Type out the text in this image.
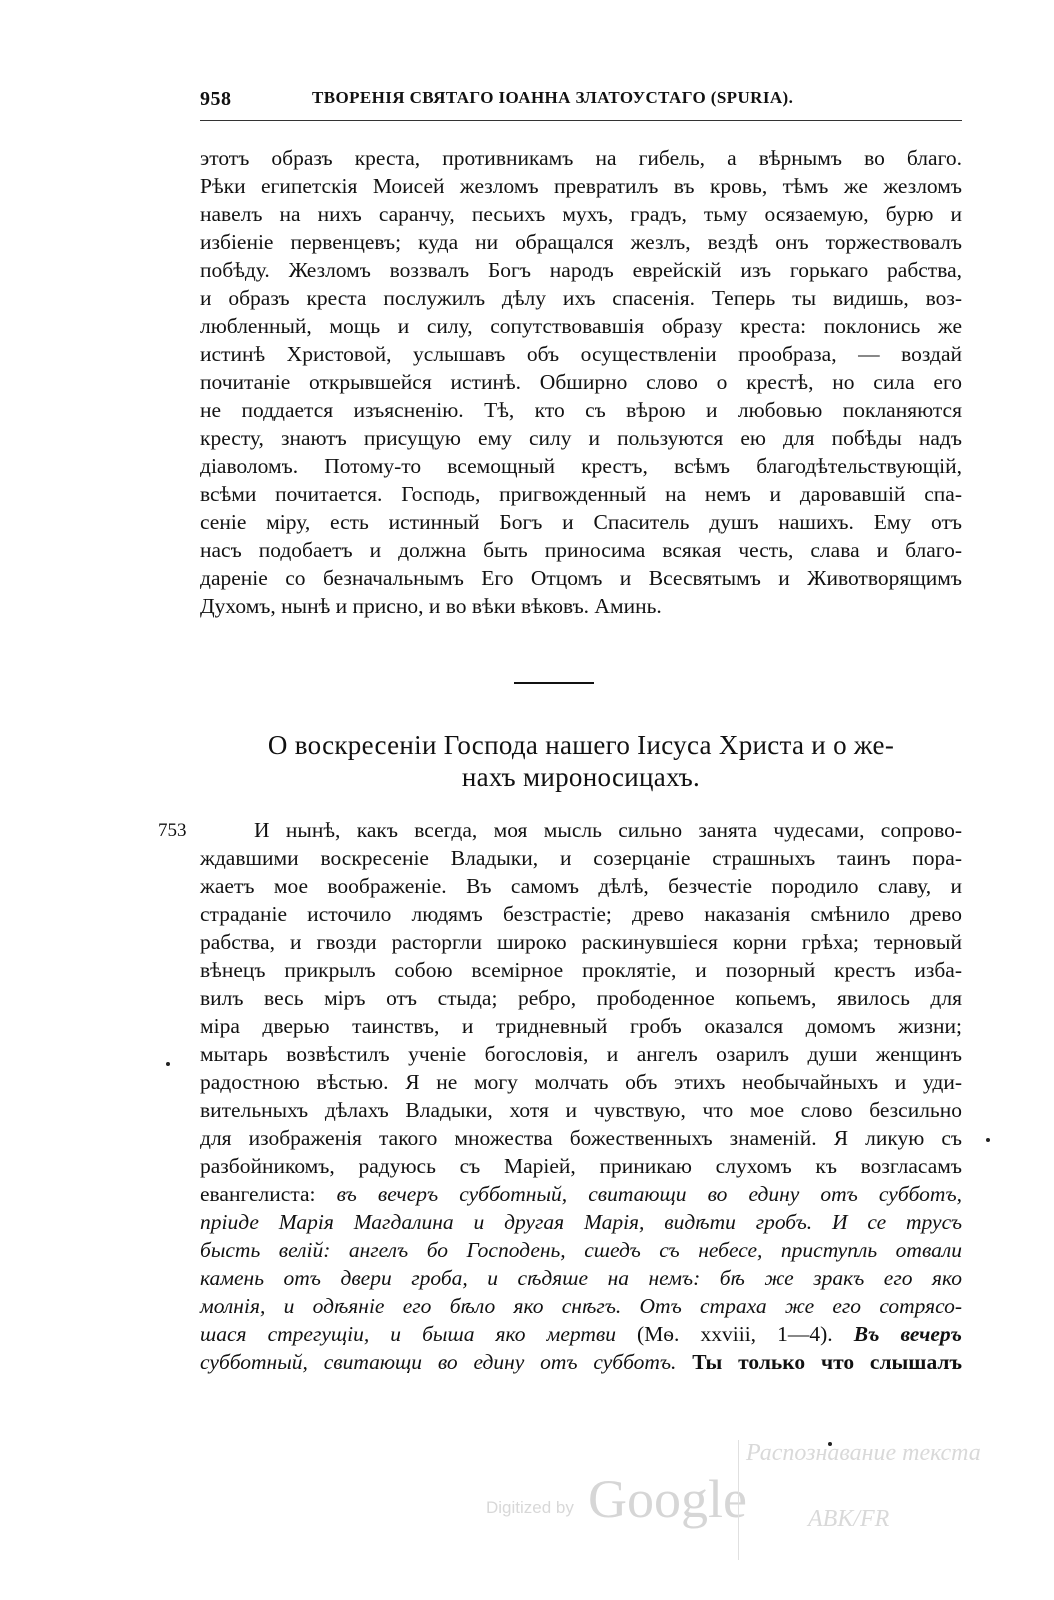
958	ТВОРЕНІЯ СВЯТАГО ІОАННА ЗЛАТОУСТАГО (SPURIA).
этотъ образъ креста, противникамъ на гибель, а вѣрнымъ во благо.
Рѣки египетскія Моисей жезломъ превратилъ въ кровь, тѣмъ же жезломъ
навелъ на нихъ саранчу, песьихъ мухъ, градъ, тьму осязаемую, бурю и
избіеніе первенцевъ; куда ни обращался жезлъ, вездѣ онъ торжествовалъ
побѣду. Жезломъ воззвалъ Богъ народъ еврейскій изъ горькаго рабства,
и образъ креста послужилъ дѣлу ихъ спасенія. Теперь ты видишь, воз-
любленный, мощь и силу, сопутствовавшія образу креста: поклонись же
истинѣ Христовой, услышавъ объ осуществленіи прообраза, — воздай
почитаніе открывшейся истинѣ. Обширно слово о крестѣ, но сила его
не поддается изъясненію. Тѣ, кто съ вѣрою и любовью покланяются
кресту, знаютъ присущую ему силу и пользуются ею для побѣды надъ
діаволомъ. Потому-то всемощный крестъ, всѣмъ благодѣтельствующій,
всѣми почитается. Господь, пригвожденный на немъ и даровавшій спа-
сеніе міру, есть истинный Богъ и Спаситель душъ нашихъ. Ему отъ
насъ подобаетъ и должна быть приносима всякая честь, слава и благо-
дареніе со безначальнымъ Его Отцомъ и Всесвятымъ и Животворящимъ
Духомъ, нынѣ и присно, и во вѣки вѣковъ. Аминь.
О воскресеніи Господа нашего Іисуса Христа и о же-
нахъ мироносицахъ.
753	И нынѣ, какъ всегда, моя мысль сильно занята чудесами, сопрово-
ждавшими воскресеніе Владыки, и созерцаніе страшныхъ таинъ пора-
жаетъ мое воображеніе. Въ самомъ дѣлѣ, безчестіе породило славу, и
страданіе источило людямъ безстрастіе; древо наказанія смѣнило древо
рабства, и гвозди расторгли широко раскинувшіеся корни грѣха; терновый
вѣнецъ прикрылъ собою всемірное проклятіе, и позорный крестъ изба-
вилъ весь міръ отъ стыда; ребро, прободенное копьемъ, явилось для
міра дверью таинствъ, и тридневный гробъ оказался домомъ жизни;
мытарь возвѣстилъ ученіе богословія, и ангелъ озарилъ души женщинъ
радостною вѣстью. Я не могу молчать объ этихъ необычайныхъ и уди-
вительныхъ дѣлахъ Владыки, хотя и чувствую, что мое слово безсильно
для изображенія такого множества божественныхъ знаменій. Я ликую съ
разбойникомъ, радуюсь съ Маріей, приникаю слухомъ къ возгласамъ
евангелиста: въ вечеръ субботный, свитающи во едину отъ субботъ,
пріиде Марія Магдалина и другая Марія, видѣти гробъ. И се трусъ
бысть велій: ангелъ бо Господень, сшедъ съ небесе, приступль отвали
камень отъ двери гроба, и сѣдяше на немъ: бѣ же зракъ его яко
молнія, и одѣяніе его бѣло яко снѣгъ. Отъ страха же его сотрясо-
шася стрегущіи, и быша яко мертви (Мѳ. xxviii, 1—4). Въ вечеръ
субботный, свитающи во едину отъ субботъ. Ты только что слышалъ
Digitized by Google
Распознавание текста
ABK/FR
